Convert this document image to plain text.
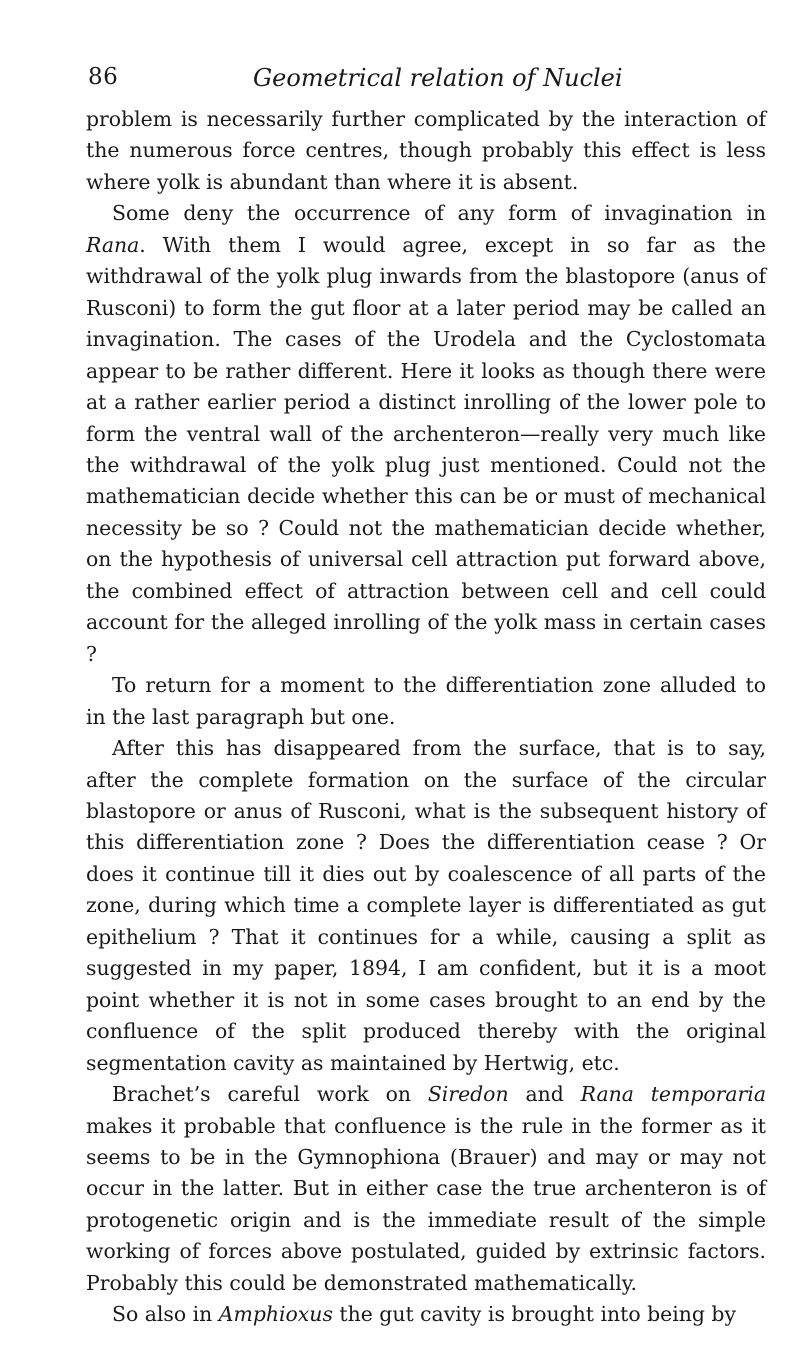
86	Geometrical relation of Nuclei

problem is necessarily further complicated by the interaction of the numerous force centres, though probably this effect is less where yolk is abundant than where it is absent.

Some deny the occurrence of any form of invagination in Rana. With them I would agree, except in so far as the withdrawal of the yolk plug inwards from the blastopore (anus of Rusconi) to form the gut floor at a later period may be called an invagination. The cases of the Urodela and the Cyclostomata appear to be rather different. Here it looks as though there were at a rather earlier period a distinct inrolling of the lower pole to form the ventral wall of the archenteron—really very much like the withdrawal of the yolk plug just mentioned. Could not the mathematician decide whether this can be or must of mechanical necessity be so ? Could not the mathematician decide whether, on the hypothesis of universal cell attraction put forward above, the combined effect of attraction between cell and cell could account for the alleged inrolling of the yolk mass in certain cases ?

To return for a moment to the differentiation zone alluded to in the last paragraph but one.

After this has disappeared from the surface, that is to say, after the complete formation on the surface of the circular blastopore or anus of Rusconi, what is the subsequent history of this differentiation zone ? Does the differentiation cease ? Or does it continue till it dies out by coalescence of all parts of the zone, during which time a complete layer is differentiated as gut epithelium ? That it continues for a while, causing a split as suggested in my paper, 1894, I am confident, but it is a moot point whether it is not in some cases brought to an end by the confluence of the split produced thereby with the original segmentation cavity as maintained by Hertwig, etc.

Brachet’s careful work on Siredon and Rana temporaria makes it probable that confluence is the rule in the former as it seems to be in the Gymnophiona (Brauer) and may or may not occur in the latter. But in either case the true archenteron is of protogenetic origin and is the immediate result of the simple working of forces above postulated, guided by extrinsic factors. Probably this could be demonstrated mathematically.

So also in Amphioxus the gut cavity is brought into being by
